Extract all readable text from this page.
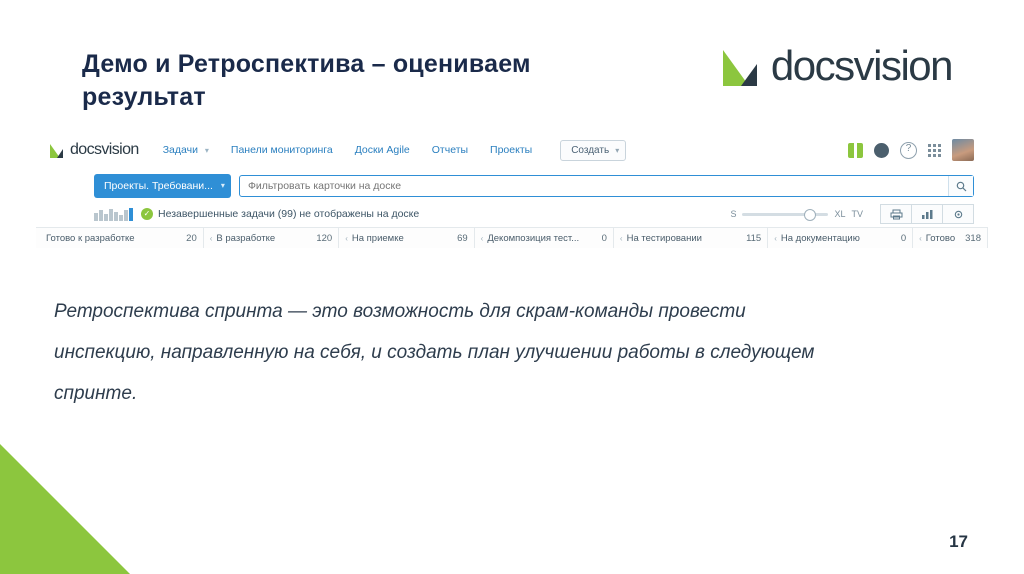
Демо и Ретроспектива – оцениваем результат
docsvision
docsvision Задачи ▾ Панели мониторинга Доски Agile Отчеты Проекты	Создать ▾	?
Проекты. Требовани... ▾
Фильтровать карточки на доске
✓ Незавершенные задачи (99) не отображены на доске	S	XL TV
Готово к разработке	20 ‹ В разработке	120 ‹ На приемке	69 ‹ Декомпозиция тест...	0 ‹ На тестировании	115 ‹ На документацию	0 ‹ Готово	318
Ретроспектива спринта — это возможность для скрам-команды провести инспекцию, направленную на себя, и создать план улучшении работы в следующем спринте.
17
